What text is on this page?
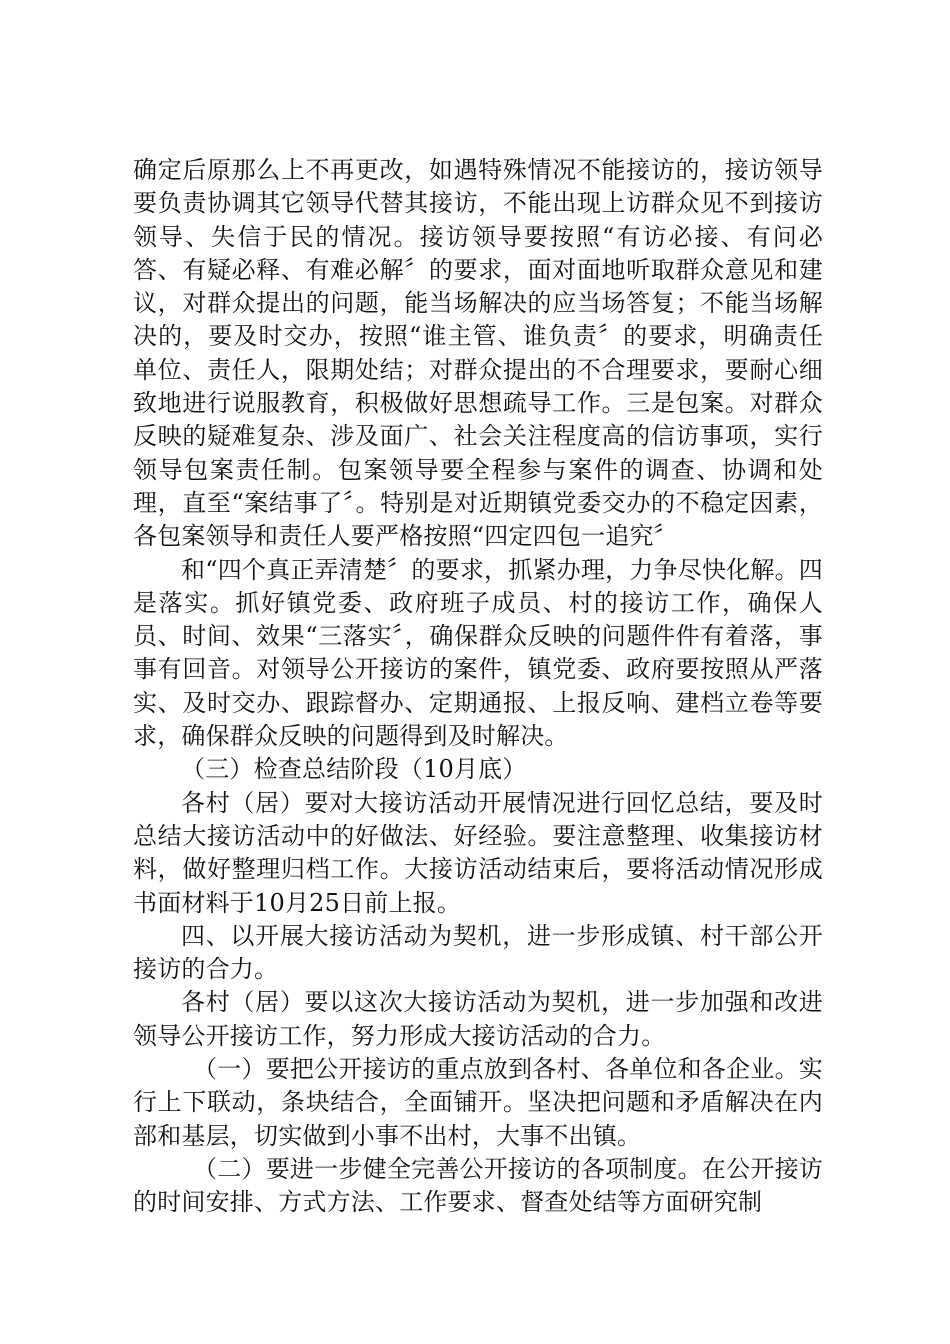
确定后原那么上不再更改，如遇特殊情况不能接访的，接访领导要负责协调其它领导代替其接访，不能出现上访群众见不到接访领导、失信于民的情况。接访领导要按照“有访必接、有问必答、有疑必释、有难必解〞的要求，面对面地听取群众意见和建议，对群众提出的问题，能当场解决的应当场答复；不能当场解决的，要及时交办，按照“谁主管、谁负责〞的要求，明确责任单位、责任人，限期处结；对群众提出的不合理要求，要耐心细致地进行说服教育，积极做好思想疏导工作。三是包案。对群众反映的疑难复杂、涉及面广、社会关注程度高的信访事项，实行领导包案责任制。包案领导要全程参与案件的调查、协调和处理，直至“案结事了〞。特别是对近期镇党委交办的不稳定因素，各包案领导和责任人要严格按照“四定四包一追究〞

和“四个真正弄清楚〞的要求，抓紧办理，力争尽快化解。四是落实。抓好镇党委、政府班子成员、村的接访工作，确保人员、时间、效果“三落实〞，确保群众反映的问题件件有着落，事事有回音。对领导公开接访的案件，镇党委、政府要按照从严落实、及时交办、跟踪督办、定期通报、上报反响、建档立卷等要求，确保群众反映的问题得到及时解决。

（三）检查总结阶段（10月底）

各村（居）要对大接访活动开展情况进行回忆总结，要及时总结大接访活动中的好做法、好经验。要注意整理、收集接访材料，做好整理归档工作。大接访活动结束后，要将活动情况形成书面材料于10月25日前上报。

四、以开展大接访活动为契机，进一步形成镇、村干部公开接访的合力。

各村（居）要以这次大接访活动为契机，进一步加强和改进领导公开接访工作，努力形成大接访活动的合力。

（一）要把公开接访的重点放到各村、各单位和各企业。实行上下联动，条块结合，全面铺开。坚决把问题和矛盾解决在内部和基层，切实做到小事不出村，大事不出镇。

（二）要进一步健全完善公开接访的各项制度。在公开接访的时间安排、方式方法、工作要求、督查处结等方面研究制
